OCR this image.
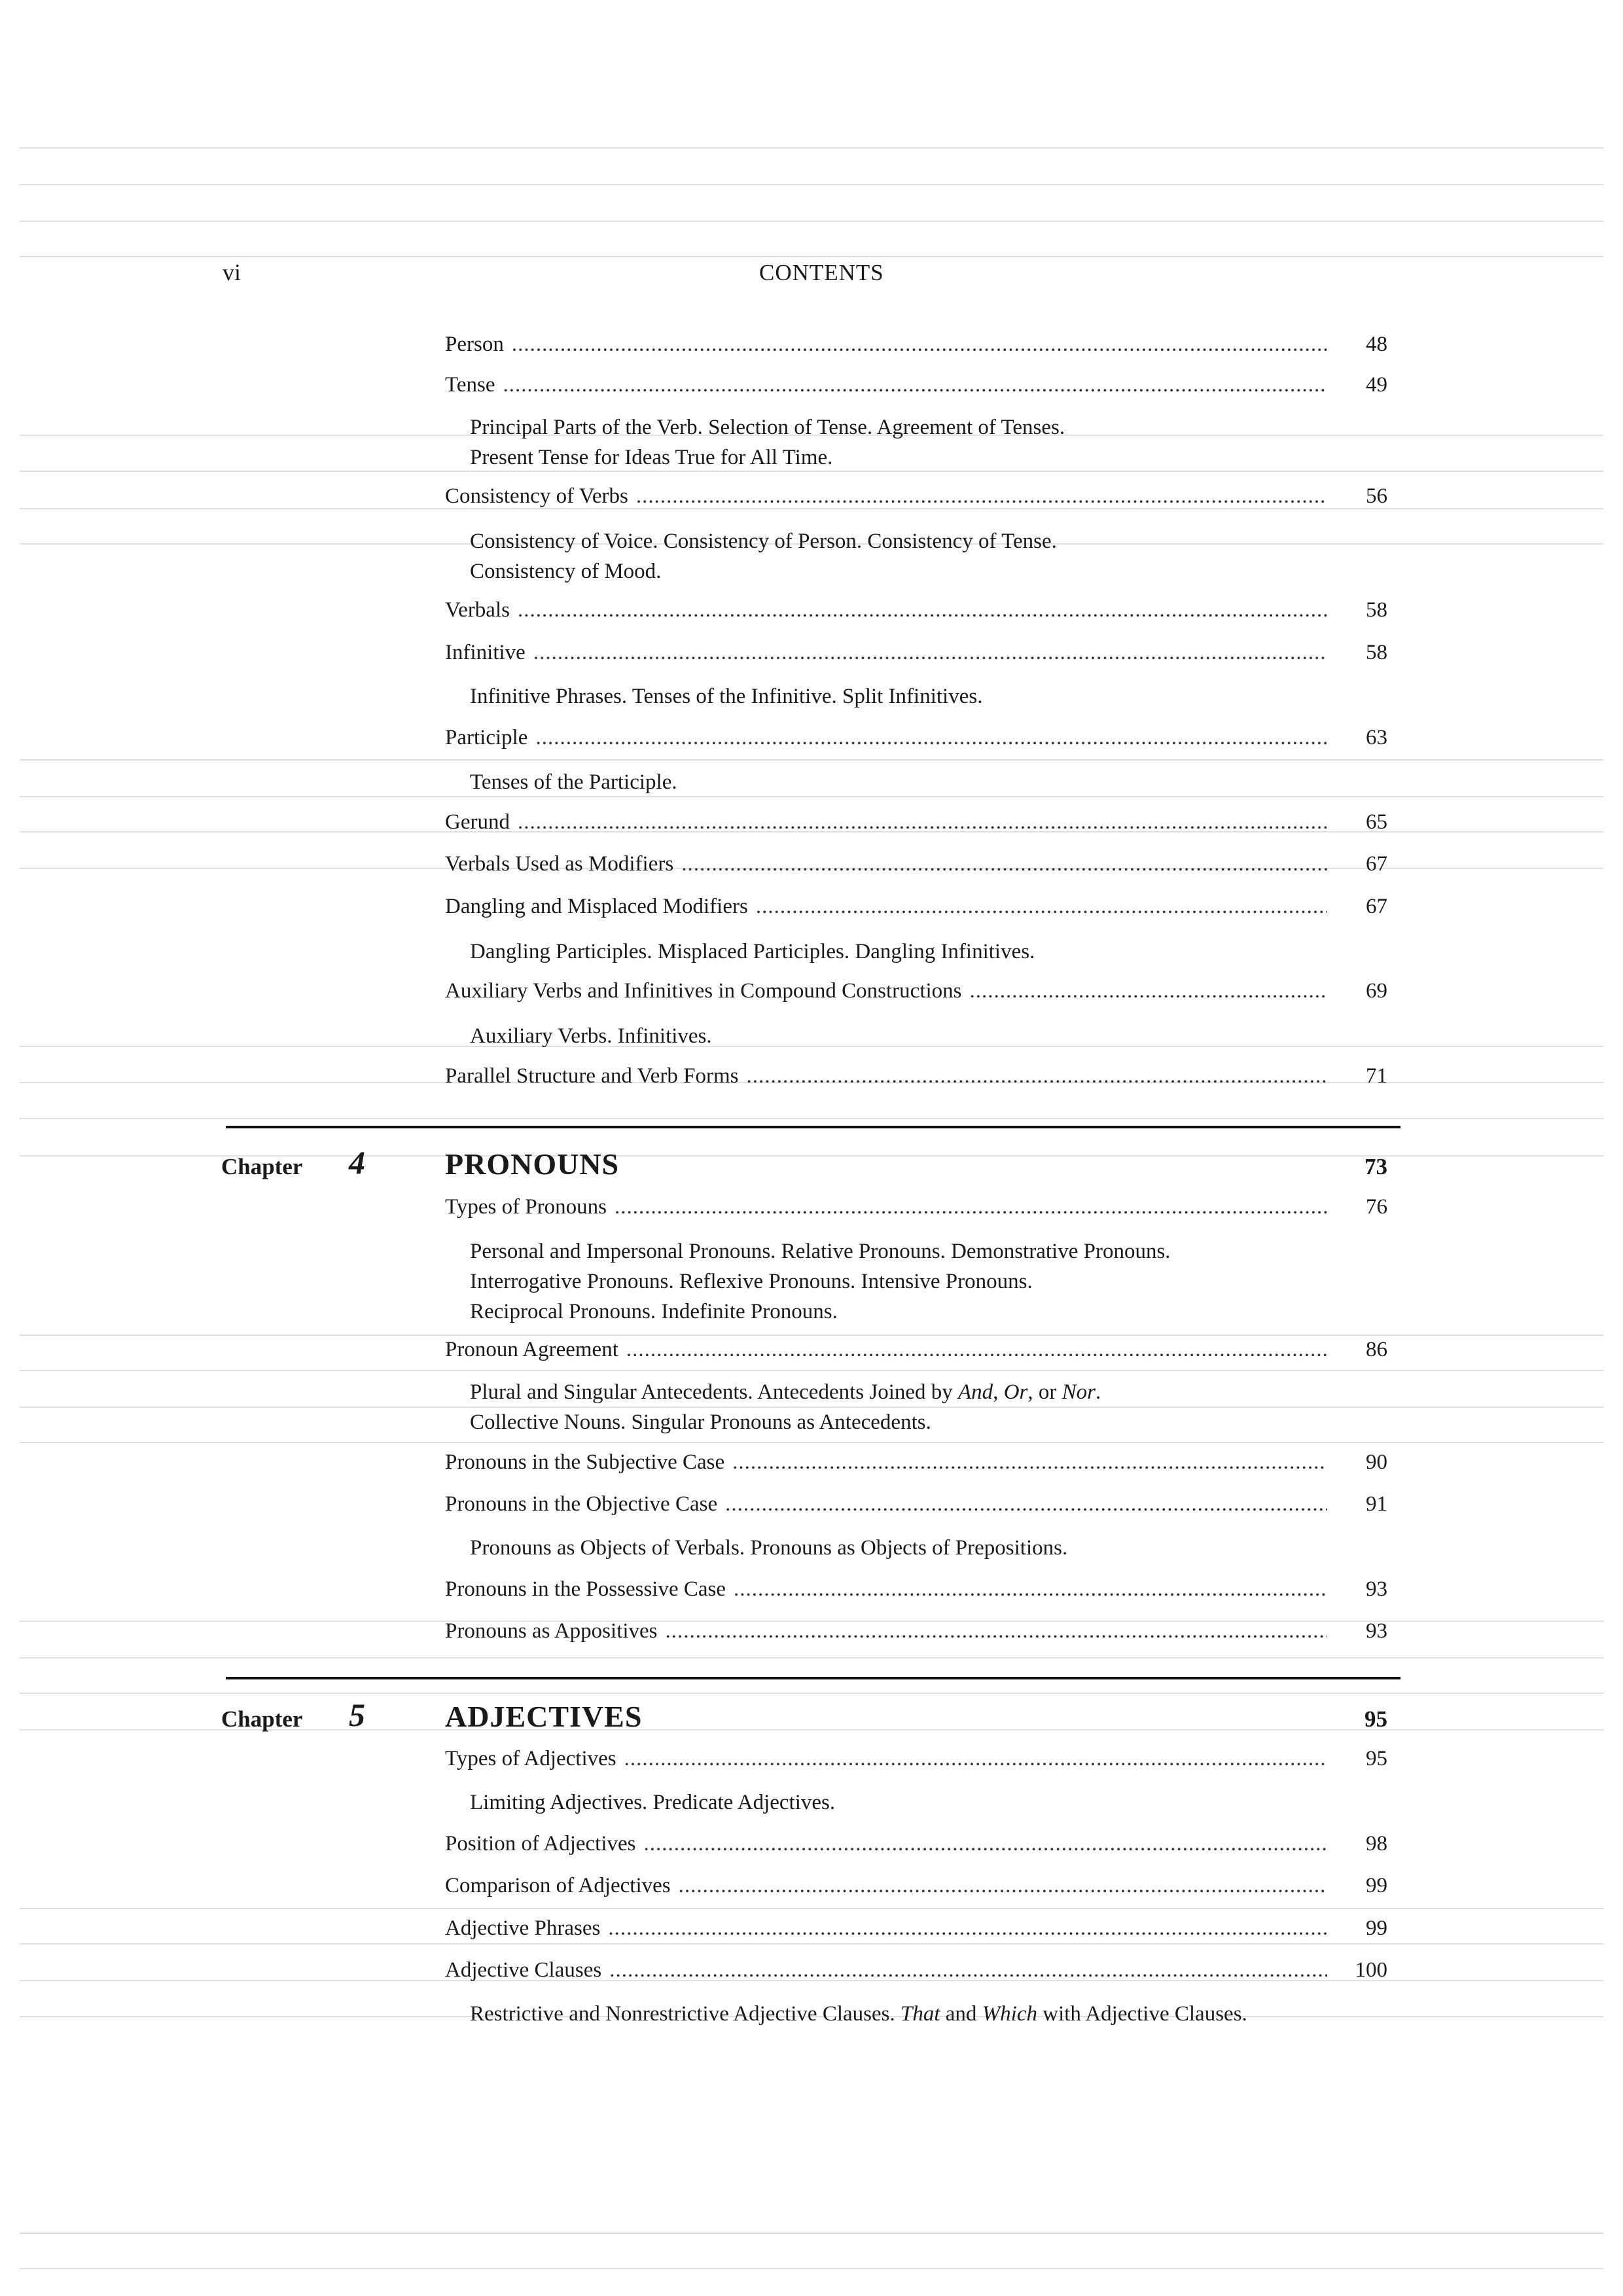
vi	CONTENTS
Person .....	48
Tense .....	49
Principal Parts of the Verb. Selection of Tense. Agreement of Tenses.
Present Tense for Ideas True for All Time.
Consistency of Verbs .....	56
Consistency of Voice. Consistency of Person. Consistency of Tense.
Consistency of Mood.
Verbals .....	58
Infinitive .....	58
Infinitive Phrases. Tenses of the Infinitive. Split Infinitives.
Participle .....	63
Tenses of the Participle.
Gerund .....	65
Verbals Used as Modifiers .....	67
Dangling and Misplaced Modifiers .....	67
Dangling Participles. Misplaced Participles. Dangling Infinitives.
Auxiliary Verbs and Infinitives in Compound Constructions .....	69
Auxiliary Verbs. Infinitives.
Parallel Structure and Verb Forms .....	71
Chapter 4	PRONOUNS	73
Types of Pronouns .....	76
Personal and Impersonal Pronouns. Relative Pronouns. Demonstrative Pronouns.
Interrogative Pronouns. Reflexive Pronouns. Intensive Pronouns.
Reciprocal Pronouns. Indefinite Pronouns.
Pronoun Agreement .....	86
Plural and Singular Antecedents. Antecedents Joined by And, Or, or Nor.
Collective Nouns. Singular Pronouns as Antecedents.
Pronouns in the Subjective Case .....	90
Pronouns in the Objective Case .....	91
Pronouns as Objects of Verbals. Pronouns as Objects of Prepositions.
Pronouns in the Possessive Case .....	93
Pronouns as Appositives .....	93
Chapter 5	ADJECTIVES	95
Types of Adjectives .....	95
Limiting Adjectives. Predicate Adjectives.
Position of Adjectives .....	98
Comparison of Adjectives .....	99
Adjective Phrases .....	99
Adjective Clauses .....	100
Restrictive and Nonrestrictive Adjective Clauses. That and Which with Adjective Clauses.
